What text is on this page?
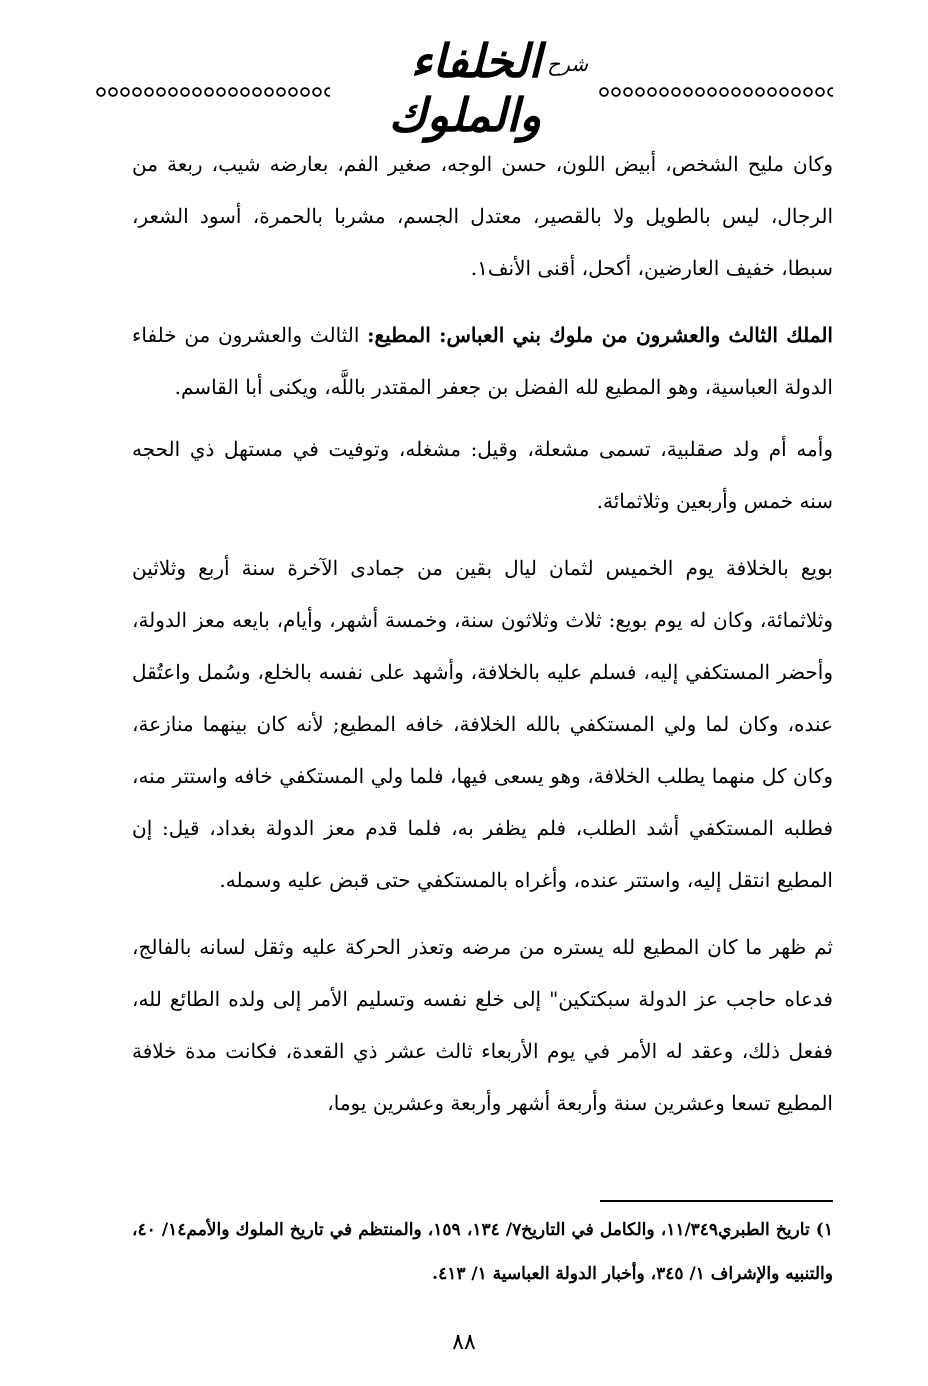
شرح
الخلفاء والملوك

وكان مليح الشخص، أبيض اللون، حسن الوجه، صغير الفم، بعارضه شيب، ربعة من الرجال، ليس بالطويل ولا بالقصير، معتدل الجسم، مشربا بالحمرة، أسود الشعر، سبطا، خفيف العارضين، أكحل، أقنى الأنف١.

الملك الثالث والعشرون من ملوك بني العباس: المطيع: الثالث والعشرون من خلفاء الدولة العباسية، وهو المطيع لله الفضل بن جعفر المقتدر باللَّه، ويكنى أبا القاسم.

وأمه أم ولد صقلبية، تسمى مشعلة، وقيل: مشغله، وتوفيت في مستهل ذي الحجه سنه خمس وأربعين وثلاثمائة.

بويع بالخلافة يوم الخميس لثمان ليال بقين من جمادى الآخرة سنة أربع وثلاثين وثلاثمائة، وكان له يوم بويع: ثلاث وثلاثون سنة، وخمسة أشهر، وأيام، بايعه معز الدولة، وأحضر المستكفي إليه، فسلم عليه بالخلافة، وأشهد على نفسه بالخلع، وسُمل واعتُقل عنده، وكان لما ولي المستكفي بالله الخلافة، خافه المطيع; لأنه كان بينهما منازعة، وكان كل منهما يطلب الخلافة، وهو يسعى فيها، فلما ولي المستكفي خافه واستتر منه، فطلبه المستكفي أشد الطلب، فلم يظفر به، فلما قدم معز الدولة بغداد، قيل: إن المطيع انتقل إليه، واستتر عنده، وأغراه بالمستكفي حتى قبض عليه وسمله.

ثم ظهر ما كان المطيع لله يستره من مرضه وتعذر الحركة عليه وثقل لسانه بالفالج، فدعاه حاجب عز الدولة سبكتكين" إلى خلع نفسه وتسليم الأمر إلى ولده الطائع لله، ففعل ذلك، وعقد له الأمر في يوم الأربعاء ثالث عشر ذي القعدة، فكانت مدة خلافة المطيع تسعا وعشرين سنة وأربعة أشهر وأربعة وعشرين يوما،

١) تاريخ الطبري١١/٣٤٩، والكامل في التاريخ٧/ ١٣٤، ١٥٩، والمنتظم في تاريخ الملوك والأمم١٤/ ٤٠، والتنبيه والإشراف ١/ ٣٤٥، وأخبار الدولة العباسية ١/ ٤١٣.
٨٨
